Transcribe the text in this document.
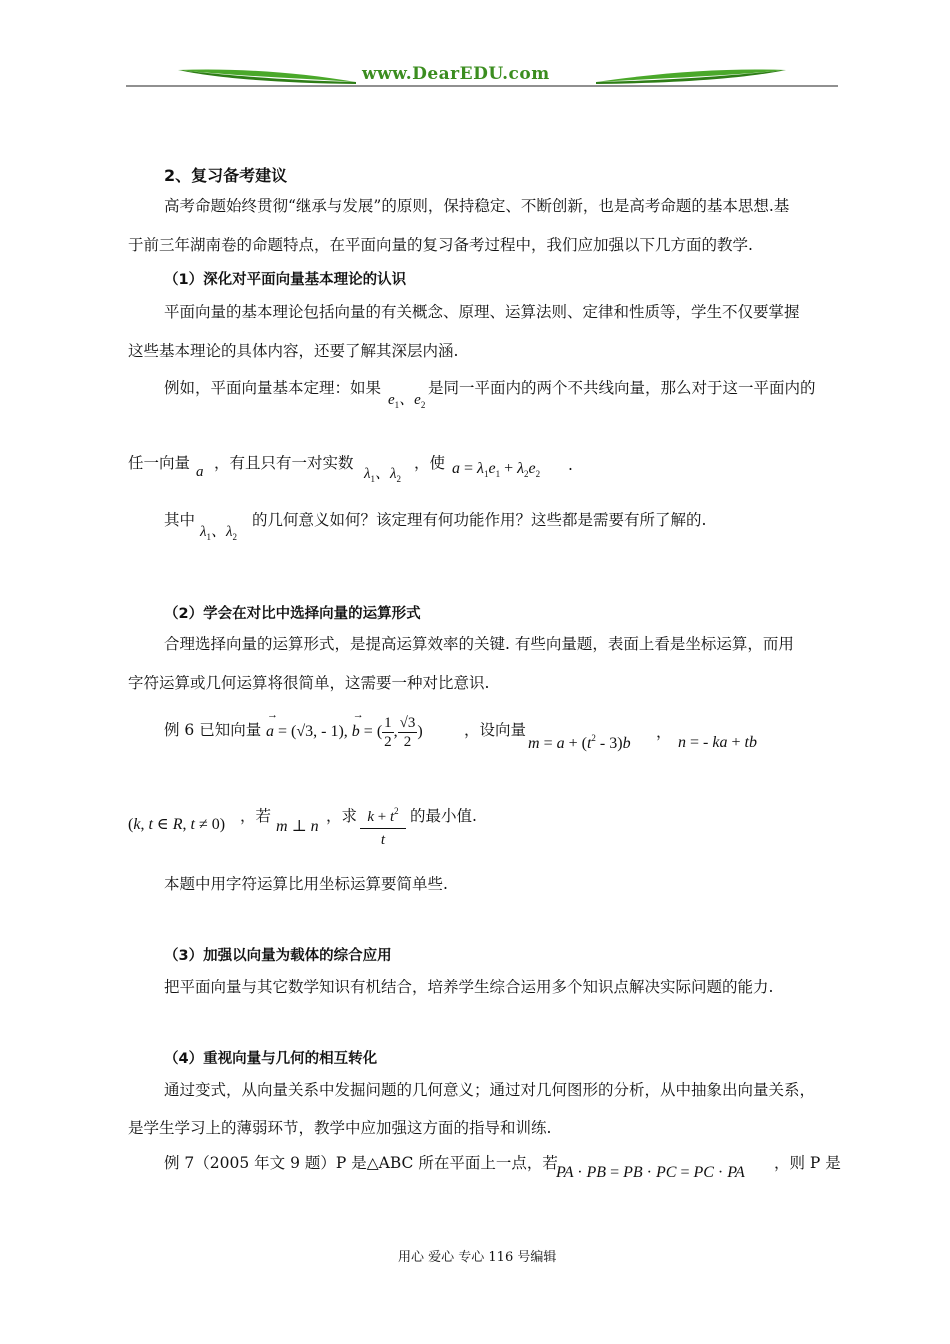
www.DearEDU.com
2、复习备考建议
高考命题始终贯彻“继承与发展”的原则，保持稳定、不断创新，也是高考命题的基本思想.基
于前三年湖南卷的命题特点，在平面向量的复习备考过程中，我们应加强以下几方面的教学.
（1）深化对平面向量基本理论的认识
平面向量的基本理论包括向量的有关概念、原理、运算法则、定律和性质等，学生不仅要掌握
这些基本理论的具体内容，还要了解其深层内涵.
例如，平面向量基本定理：如果
$e_1$、$e_2$
是同一平面内的两个不共线向量，那么对于这一平面内的
任一向量 a ，有且只有一对实数
$\lambda_1$、$\lambda_2$
，使 $a = \lambda_1e_1 + \lambda_2e_2$ .
其中
$\lambda_1$、$\lambda_2$
的几何意义如何？该定理有何功能作用？这些都是需要有所了解的.
（2）学会在对比中选择向量的运算形式
合理选择向量的运算形式，是提高运算效率的关键. 有些向量题，表面上看是坐标运算，而用
字符运算或几何运算将很简单，这需要一种对比意识.
例 6 已知向量 a
→
= (√3, - 1), b
→
= ( $\frac{1}{2}$ , $\frac{√3}{2}$ )	，设向量
$m = a + (t^2 - 3)b$
，
n = - ka + tb
(k, t ∈ R, t ≠ 0) ，若
m ⊥ n
，求 $k + t^2$
t
的最小值.
本题中用字符运算比用坐标运算要简单些.
（3）加强以向量为载体的综合应用
把平面向量与其它数学知识有机结合，培养学生综合运用多个知识点解决实际问题的能力.
（4）重视向量与几何的相互转化
通过变式，从向量关系中发掘问题的几何意义；通过对几何图形的分析，从中抽象出向量关系，
是学生学习上的薄弱环节，教学中应加强这方面的指导和训练.
例 7（2005 年文 9 题）P 是△ABC 所在平面上一点，若
PA · PB = PB · PC = PC · PA
，则 P 是
用心 爱心 专心 116 号编辑
